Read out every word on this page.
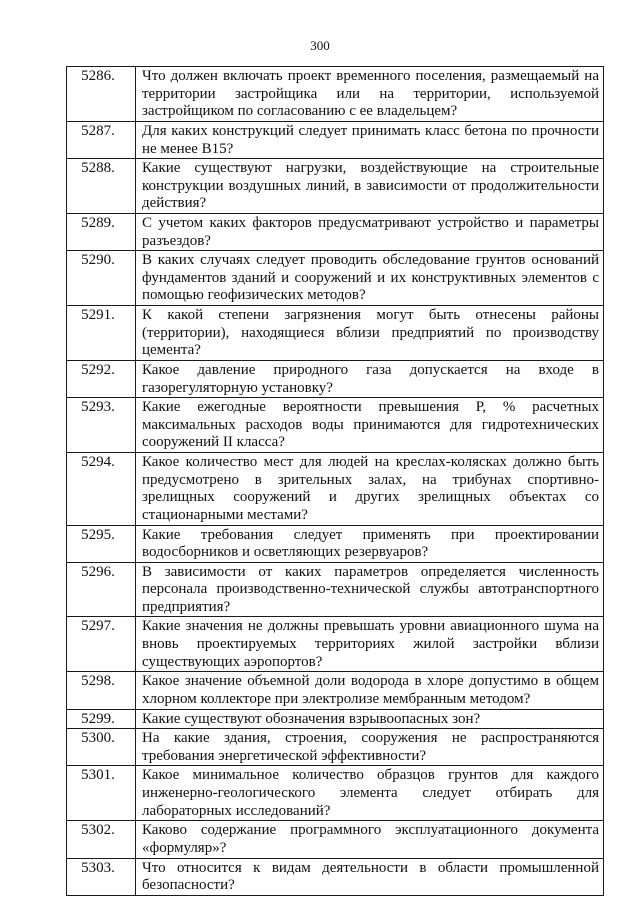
300
5286.	Что должен включать проект временного поселения, размещаемый на территории застройщика или на территории, используемой застройщиком по согласованию с ее владельцем?
5287.	Для каких конструкций следует принимать класс бетона по прочности не менее В15?
5288.	Какие существуют нагрузки, воздействующие на строительные конструкции воздушных линий, в зависимости от продолжительности действия?
5289.	С учетом каких факторов предусматривают устройство и параметры разъездов?
5290.	В каких случаях следует проводить обследование грунтов оснований фундаментов зданий и сооружений и их конструктивных элементов с помощью геофизических методов?
5291.	К какой степени загрязнения могут быть отнесены районы (территории), находящиеся вблизи предприятий по производству цемента?
5292.	Какое давление природного газа допускается на входе в газорегуляторную установку?
5293.	Какие ежегодные вероятности превышения Р, % расчетных максимальных расходов воды принимаются для гидротехнических сооружений II класса?
5294.	Какое количество мест для людей на креслах-колясках должно быть предусмотрено в зрительных залах, на трибунах спортивно-зрелищных сооружений и других зрелищных объектах со стационарными местами?
5295.	Какие требования следует применять при проектировании водосборников и осветляющих резервуаров?
5296.	В зависимости от каких параметров определяется численность персонала производственно-технической службы автотранспортного предприятия?
5297.	Какие значения не должны превышать уровни авиационного шума на вновь проектируемых территориях жилой застройки вблизи существующих аэропортов?
5298.	Какое значение объемной доли водорода в хлоре допустимо в общем хлорном коллекторе при электролизе мембранным методом?
5299.	Какие существуют обозначения взрывоопасных зон?
5300.	На какие здания, строения, сооружения не распространяются требования энергетической эффективности?
5301.	Какое минимальное количество образцов грунтов для каждого инженерно-геологического элемента следует отбирать для лабораторных исследований?
5302.	Каково содержание программного эксплуатационного документа «формуляр»?
5303.	Что относится к видам деятельности в области промышленной безопасности?
